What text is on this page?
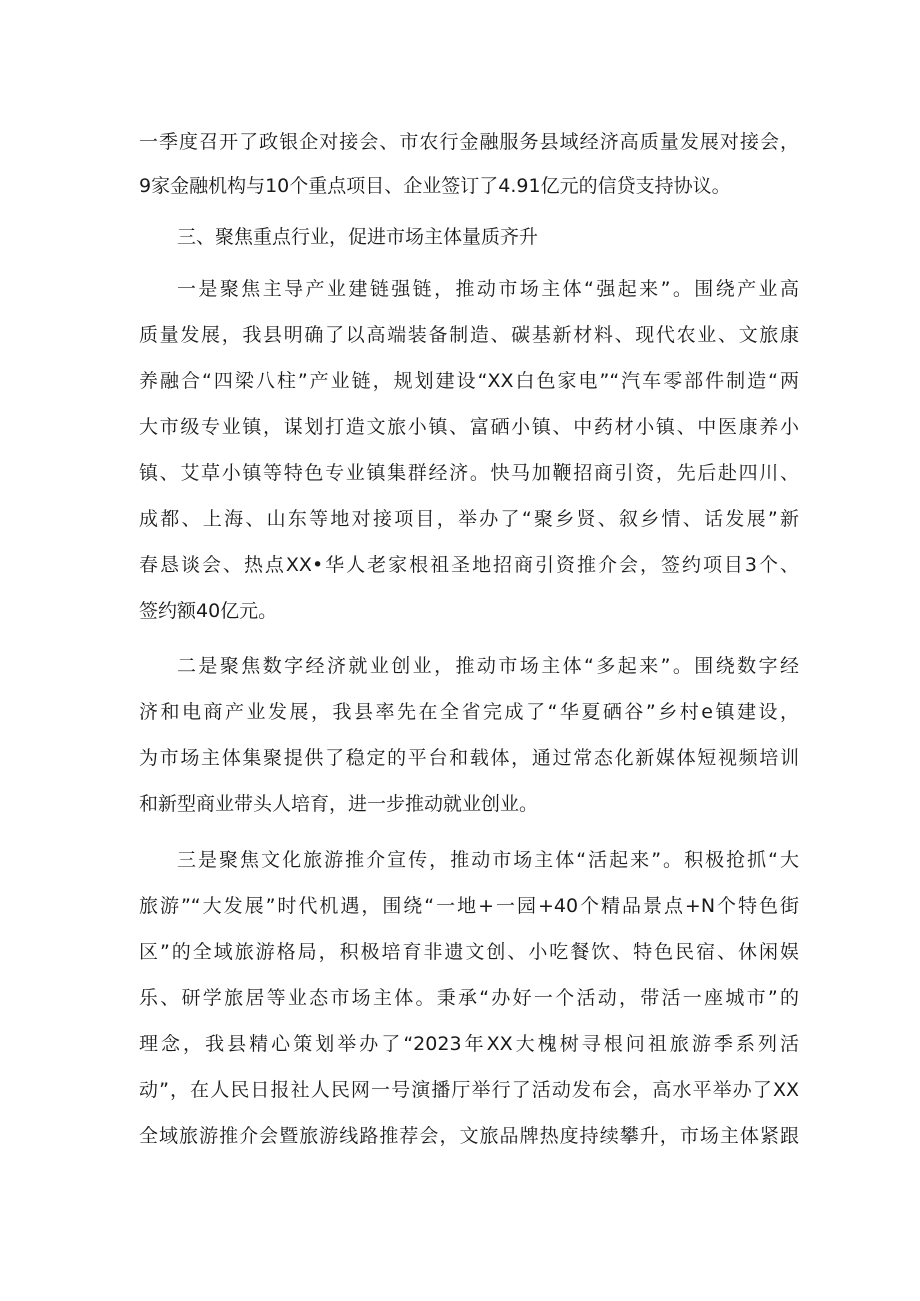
一季度召开了政银企对接会、市农行金融服务县域经济高质量发展对接会，
9家金融机构与10个重点项目、企业签订了4.91亿元的信贷支持协议。
三、聚焦重点行业，促进市场主体量质齐升
一是聚焦主导产业建链强链，推动市场主体“强起来”。围绕产业高
质量发展，我县明确了以高端装备制造、碳基新材料、现代农业、文旅康
养融合“四梁八柱”产业链，规划建设“XX白色家电”“汽车零部件制造“两
大市级专业镇，谋划打造文旅小镇、富硒小镇、中药材小镇、中医康养小
镇、艾草小镇等特色专业镇集群经济。快马加鞭招商引资，先后赴四川、
成都、上海、山东等地对接项目，举办了“聚乡贤、叙乡情、话发展”新
春恳谈会、热点XX•华人老家根祖圣地招商引资推介会，签约项目3个、
签约额40亿元。
二是聚焦数字经济就业创业，推动市场主体“多起来”。围绕数字经
济和电商产业发展，我县率先在全省完成了“华夏硒谷”乡村e镇建设，
为市场主体集聚提供了稳定的平台和载体，通过常态化新媒体短视频培训
和新型商业带头人培育，进一步推动就业创业。
三是聚焦文化旅游推介宣传，推动市场主体“活起来”。积极抢抓“大
旅游”“大发展”时代机遇，围绕“一地+一园+40个精品景点+N个特色街
区”的全域旅游格局，积极培育非遗文创、小吃餐饮、特色民宿、休闲娱
乐、研学旅居等业态市场主体。秉承“办好一个活动，带活一座城市”的
理念，我县精心策划举办了“2023年XX大槐树寻根问祖旅游季系列活
动”，在人民日报社人民网一号演播厅举行了活动发布会，高水平举办了XX
全域旅游推介会暨旅游线路推荐会，文旅品牌热度持续攀升，市场主体紧跟
